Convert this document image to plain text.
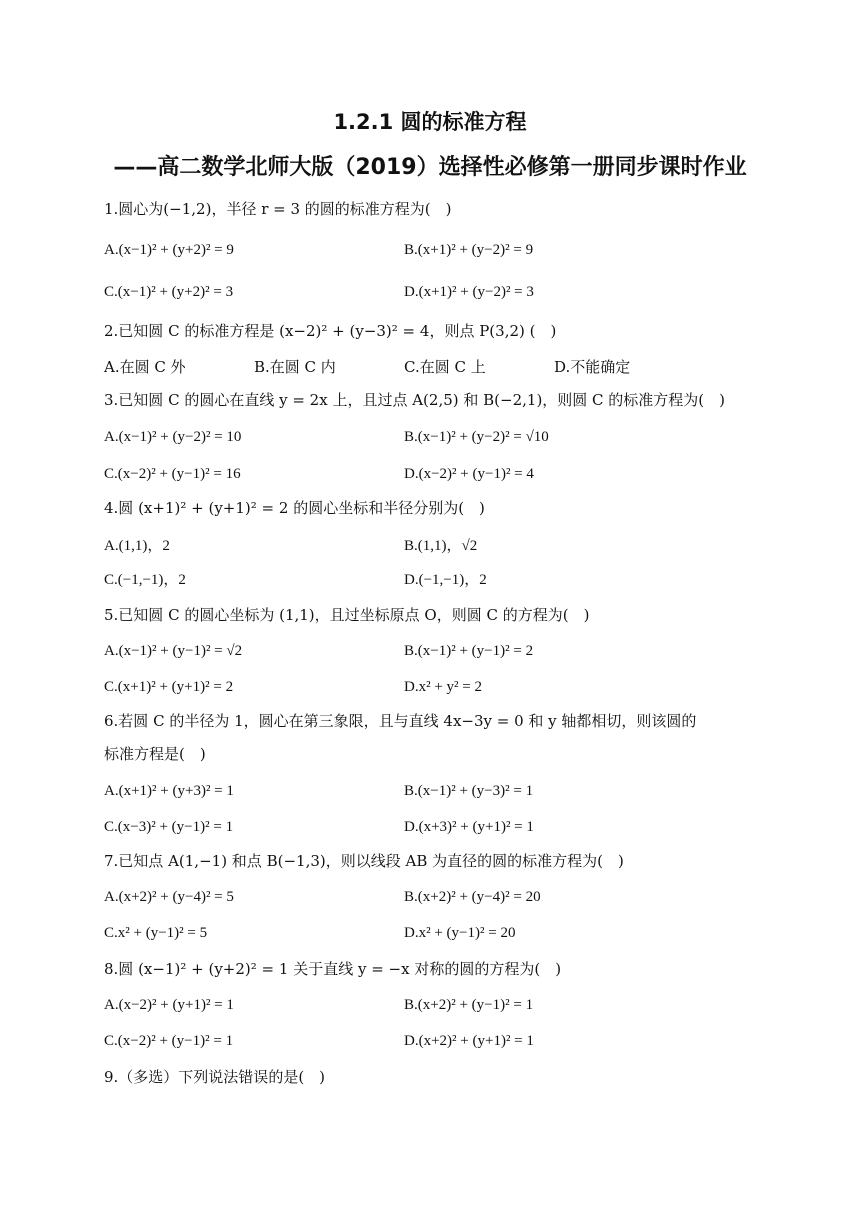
1.2.1 圆的标准方程
——高二数学北师大版（2019）选择性必修第一册同步课时作业
1.圆心为(−1,2)，半径 r = 3 的圆的标准方程为(　)
A.(x−1)² + (y+2)² = 9	B.(x+1)² + (y−2)² = 9
C.(x−1)² + (y+2)² = 3	D.(x+1)² + (y−2)² = 3
2.已知圆 C 的标准方程是 (x−2)² + (y−3)² = 4，则点 P(3,2) (　)
A.在圆 C 外	B.在圆 C 内	C.在圆 C 上	D.不能确定
3.已知圆 C 的圆心在直线 y = 2x 上，且过点 A(2,5) 和 B(−2,1)，则圆 C 的标准方程为(　)
A.(x−1)² + (y−2)² = 10	B.(x−1)² + (y−2)² = √10
C.(x−2)² + (y−1)² = 16	D.(x−2)² + (y−1)² = 4
4.圆 (x+1)² + (y+1)² = 2 的圆心坐标和半径分别为(　)
A.(1,1)，2	B.(1,1)，√2
C.(−1,−1)，2	D.(−1,−1)，2
5.已知圆 C 的圆心坐标为 (1,1)，且过坐标原点 O，则圆 C 的方程为(　)
A.(x−1)² + (y−1)² = √2	B.(x−1)² + (y−1)² = 2
C.(x+1)² + (y+1)² = 2	D.x² + y² = 2
6.若圆 C 的半径为 1，圆心在第三象限，且与直线 4x−3y = 0 和 y 轴都相切，则该圆的
标准方程是(　)
A.(x+1)² + (y+3)² = 1	B.(x−1)² + (y−3)² = 1
C.(x−3)² + (y−1)² = 1	D.(x+3)² + (y+1)² = 1
7.已知点 A(1,−1) 和点 B(−1,3)，则以线段 AB 为直径的圆的标准方程为(　)
A.(x+2)² + (y−4)² = 5	B.(x+2)² + (y−4)² = 20
C.x² + (y−1)² = 5	D.x² + (y−1)² = 20
8.圆 (x−1)² + (y+2)² = 1 关于直线 y = −x 对称的圆的方程为(　)
A.(x−2)² + (y+1)² = 1	B.(x+2)² + (y−1)² = 1
C.(x−2)² + (y−1)² = 1	D.(x+2)² + (y+1)² = 1
9.（多选）下列说法错误的是(　)
